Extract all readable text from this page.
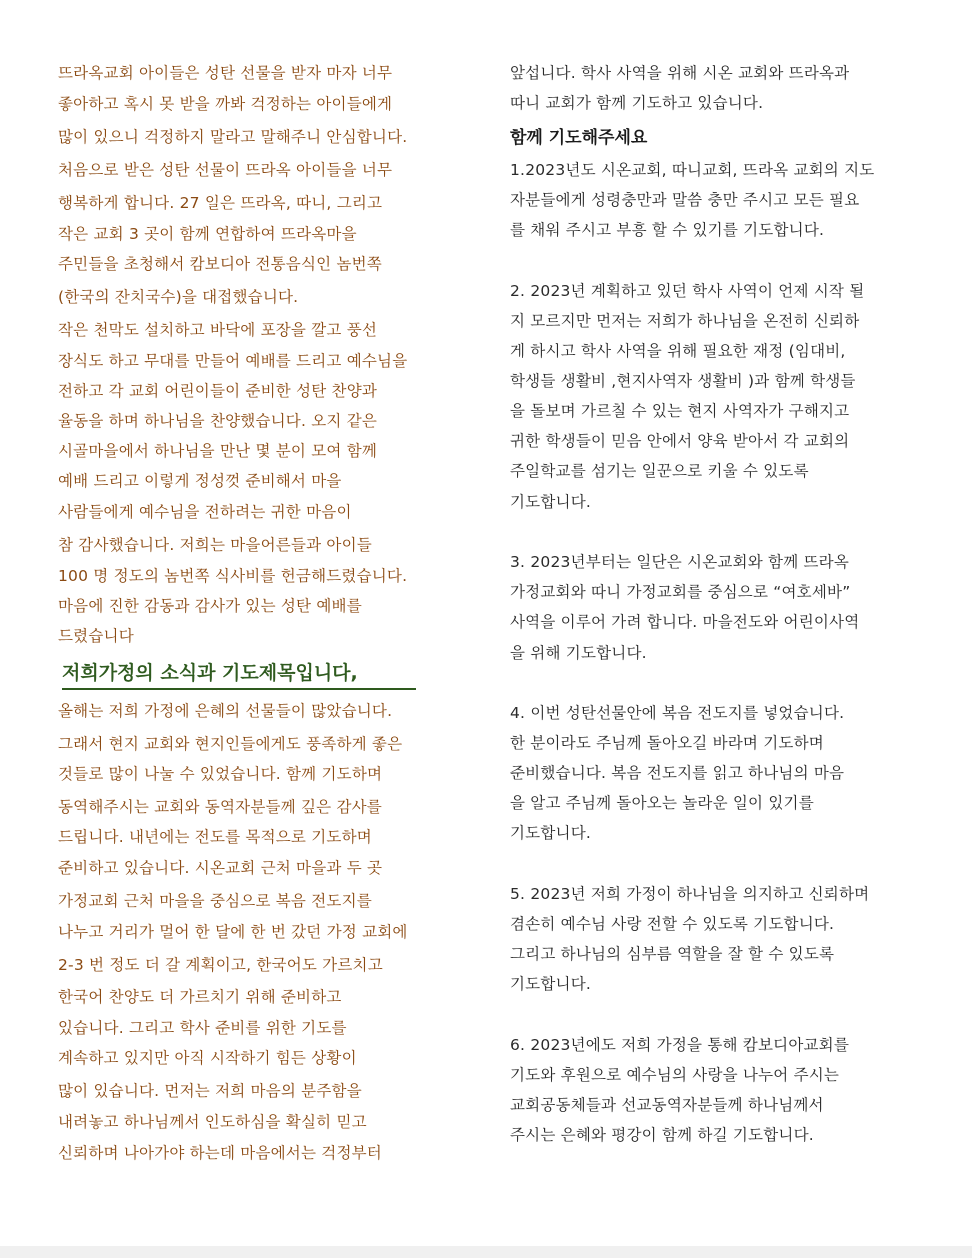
뜨라옥교회 아이들은 성탄 선물을 받자 마자 너무
좋아하고 혹시 못 받을 까봐 걱정하는 아이들에게
많이 있으니 걱정하지 말라고 말해주니 안심합니다.
처음으로 받은 성탄 선물이 뜨라옥 아이들을 너무
행복하게 합니다. 27 일은 뜨라옥, 따니, 그리고
작은 교회 3 곳이 함께 연합하여 뜨라옥마을
주민들을 초청해서 캄보디아 전통음식인 놈번쪽
(한국의 잔치국수)을 대접했습니다.
작은 천막도 설치하고 바닥에 포장을 깔고 풍선
장식도 하고 무대를 만들어 예배를 드리고 예수님을
전하고 각 교회 어린이들이 준비한 성탄 찬양과
율동을 하며 하나님을 찬양했습니다. 오지 같은
시골마을에서 하나님을 만난 몇 분이 모여 함께
예배 드리고 이렇게 정성껏 준비해서 마을
사람들에게 예수님을 전하려는 귀한 마음이
참 감사했습니다. 저희는 마을어른들과 아이들
100 명 정도의 놈번쪽 식사비를 헌금해드렸습니다.
마음에 진한 감동과 감사가 있는 성탄 예배를
드렸습니다
저희가정의 소식과 기도제목입니다,
올해는 저희 가정에 은혜의 선물들이 많았습니다.
그래서 현지 교회와 현지인들에게도 풍족하게 좋은
것들로 많이 나눌 수 있었습니다. 함께 기도하며
동역해주시는 교회와 동역자분들께 깊은 감사를
드립니다. 내년에는 전도를 목적으로 기도하며
준비하고 있습니다. 시온교회 근처 마을과 두 곳
가정교회 근처 마을을 중심으로 복음 전도지를
나누고 거리가 멀어 한 달에 한 번 갔던 가정 교회에
2-3 번 정도 더 갈 계획이고, 한국어도 가르치고
한국어 찬양도 더 가르치기 위해 준비하고
있습니다. 그리고 학사 준비를 위한 기도를
계속하고 있지만 아직 시작하기 힘든 상황이
많이 있습니다. 먼저는 저희 마음의 분주함을
내려놓고 하나님께서 인도하심을 확실히 믿고
신뢰하며 나아가야 하는데 마음에서는 걱정부터
앞섭니다. 학사 사역을 위해 시온 교회와 뜨라옥과
따니 교회가 함께 기도하고 있습니다.
함께 기도해주세요
1.2023년도 시온교회, 따니교회, 뜨라옥 교회의 지도
자분들에게 성령충만과 말씀 충만 주시고 모든 필요
를 채워 주시고 부흥 할 수 있기를 기도합니다.
2. 2023년 계획하고 있던 학사 사역이 언제 시작 될
지 모르지만 먼저는 저희가 하나님을 온전히 신뢰하
게 하시고 학사 사역을 위해 필요한 재정 (임대비,
학생들 생활비 ,현지사역자 생활비 )과 함께 학생들
을 돌보며 가르칠 수 있는 현지 사역자가 구해지고
귀한 학생들이 믿음 안에서 양육 받아서 각 교회의
주일학교를 섬기는 일꾼으로 키울 수 있도록
기도합니다.
3. 2023년부터는 일단은 시온교회와 함께 뜨라옥
가정교회와 따니 가정교회를 중심으로 “여호세바”
사역을 이루어 가려 합니다. 마을전도와 어린이사역
을 위해 기도합니다.
4. 이번 성탄선물안에 복음 전도지를 넣었습니다.
한 분이라도 주님께 돌아오길 바라며 기도하며
준비했습니다. 복음 전도지를 읽고 하나님의 마음
을 알고 주님께 돌아오는 놀라운 일이 있기를
기도합니다.
5. 2023년 저희 가정이 하나님을 의지하고 신뢰하며
겸손히 예수님 사랑 전할 수 있도록 기도합니다.
그리고 하나님의 심부름 역할을 잘 할 수 있도록
기도합니다.
6. 2023년에도 저희 가정을 통해 캄보디아교회를
기도와 후원으로 예수님의 사랑을 나누어 주시는
교회공동체들과 선교동역자분들께 하나님께서
주시는 은혜와 평강이 함께 하길 기도합니다.
